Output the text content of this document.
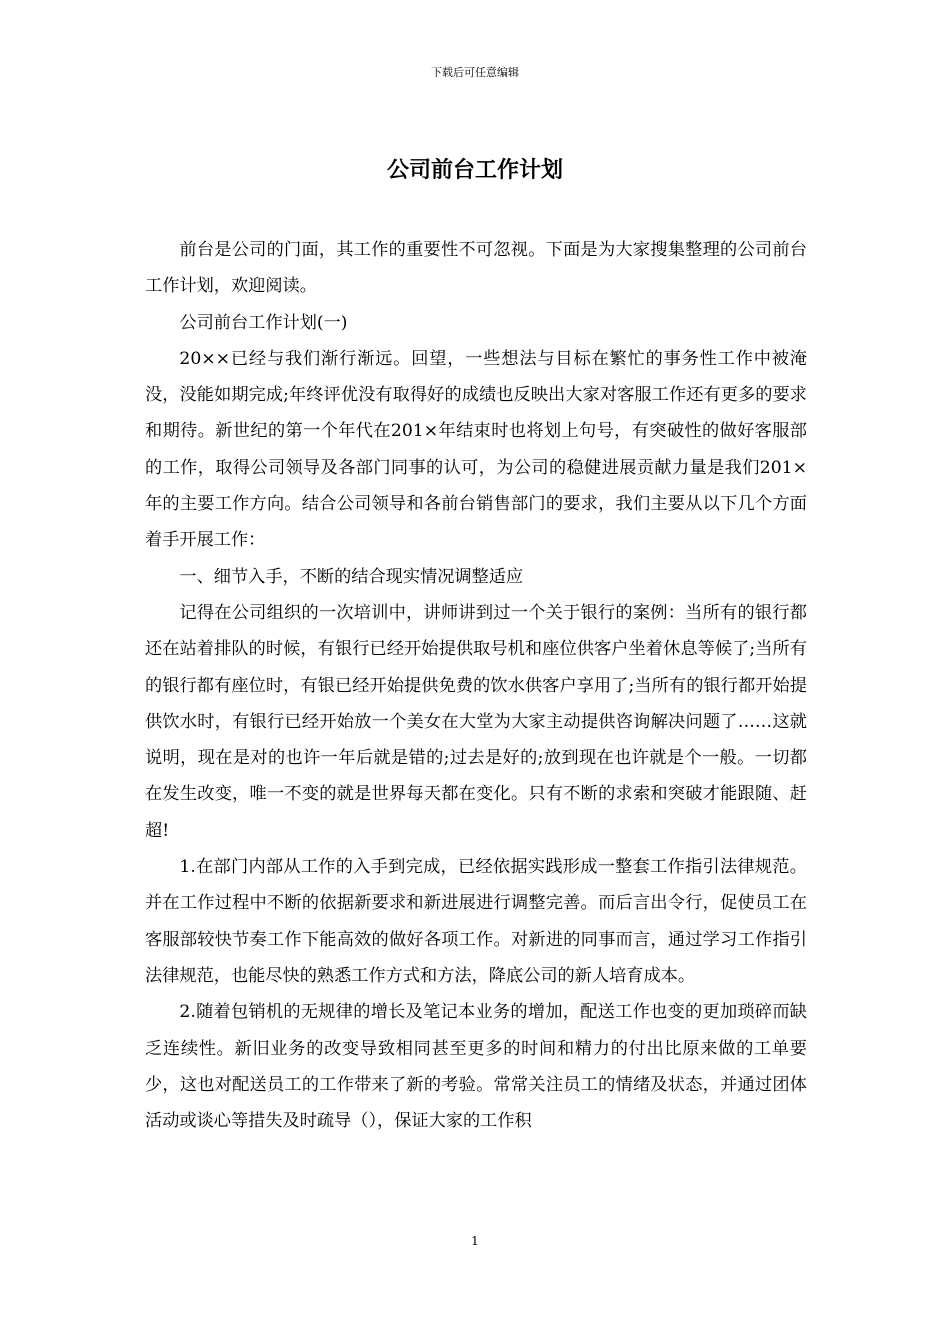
下载后可任意编辑
公司前台工作计划

前台是公司的门面，其工作的重要性不可忽视。下面是为大家搜集整理的公司前台工作计划，欢迎阅读。

公司前台工作计划(一)

20××已经与我们渐行渐远。回望，一些想法与目标在繁忙的事务性工作中被淹没，没能如期完成;年终评优没有取得好的成绩也反映出大家对客服工作还有更多的要求和期待。新世纪的第一个年代在201×年结束时也将划上句号，有突破性的做好客服部的工作，取得公司领导及各部门同事的认可，为公司的稳健进展贡献力量是我们201×年的主要工作方向。结合公司领导和各前台销售部门的要求，我们主要从以下几个方面着手开展工作：

一、细节入手，不断的结合现实情况调整适应

记得在公司组织的一次培训中，讲师讲到过一个关于银行的案例：当所有的银行都还在站着排队的时候，有银行已经开始提供取号机和座位供客户坐着休息等候了;当所有的银行都有座位时，有银已经开始提供免费的饮水供客户享用了;当所有的银行都开始提供饮水时，有银行已经开始放一个美女在大堂为大家主动提供咨询解决问题了……这就说明，现在是对的也许一年后就是错的;过去是好的;放到现在也许就是个一般。一切都在发生改变，唯一不变的就是世界每天都在变化。只有不断的求索和突破才能跟随、赶超!

1.在部门内部从工作的入手到完成，已经依据实践形成一整套工作指引法律规范。并在工作过程中不断的依据新要求和新进展进行调整完善。而后言出令行，促使员工在客服部较快节奏工作下能高效的做好各项工作。对新进的同事而言，通过学习工作指引法律规范，也能尽快的熟悉工作方式和方法，降底公司的新人培育成本。

2.随着包销机的无规律的增长及笔记本业务的增加，配送工作也变的更加琐碎而缺乏连续性。新旧业务的改变导致相同甚至更多的时间和精力的付出比原来做的工单要少，这也对配送员工的工作带来了新的考验。常常关注员工的情绪及状态，并通过团体活动或谈心等措失及时疏导（），保证大家的工作积

1
